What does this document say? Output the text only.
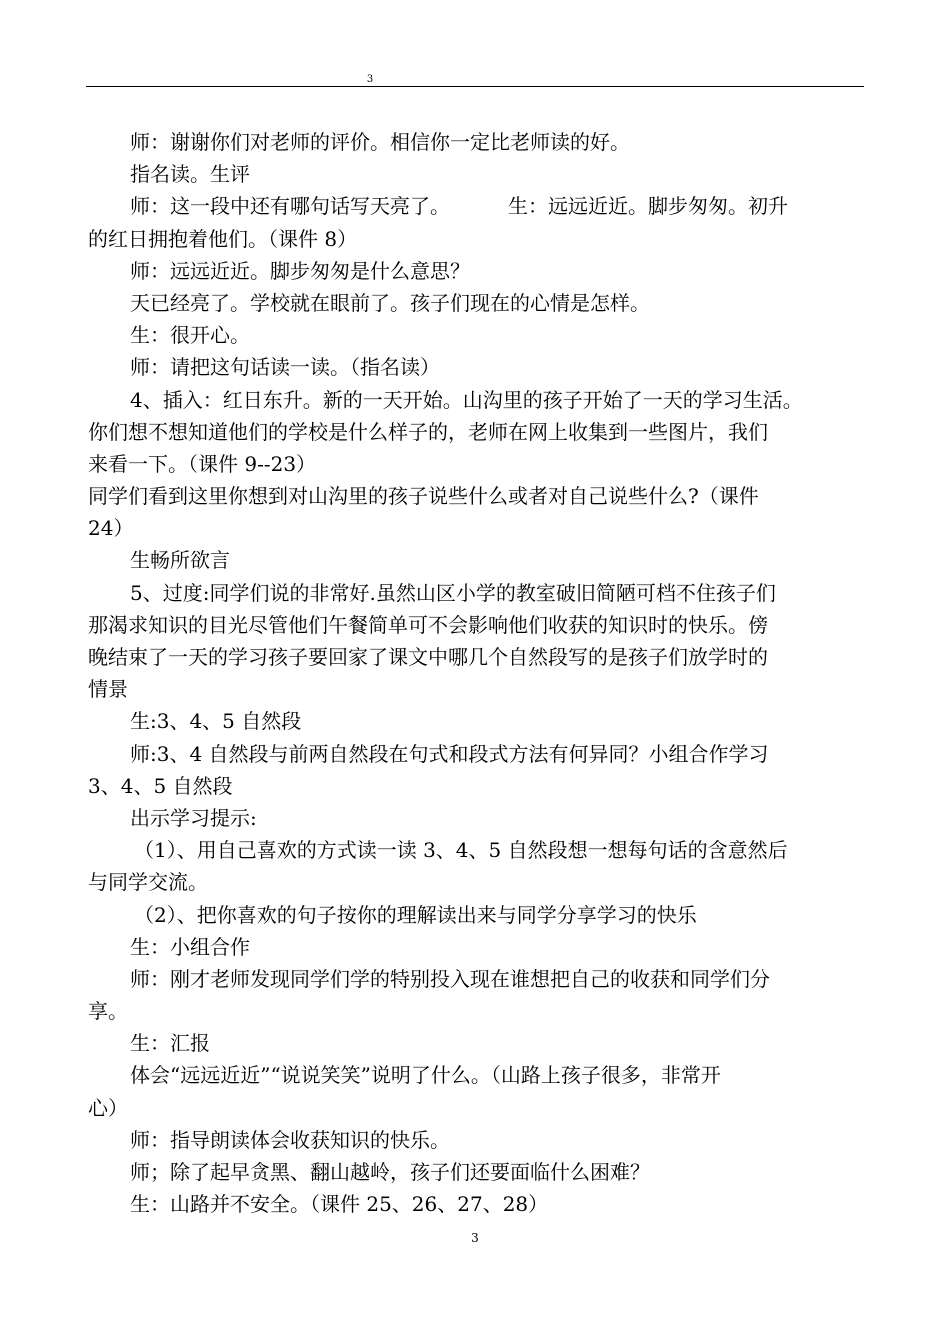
3
师：谢谢你们对老师的评价。相信你一定比老师读的好。
指名读。生评
师：这一段中还有哪句话写天亮了。	生：远远近近。脚步匆匆。初升
的红日拥抱着他们。（课件 8）
师：远远近近。脚步匆匆是什么意思？
天已经亮了。学校就在眼前了。孩子们现在的心情是怎样。
生：很开心。
师：请把这句话读一读。（指名读）
4、插入：红日东升。新的一天开始。山沟里的孩子开始了一天的学习生活。
你们想不想知道他们的学校是什么样子的，老师在网上收集到一些图片，我们
来看一下。（课件 9--23）
同学们看到这里你想到对山沟里的孩子说些什么或者对自己说些什么?（课件
24）
生畅所欲言
5、过度:同学们说的非常好.虽然山区小学的教室破旧简陋可档不住孩子们
那渴求知识的目光尽管他们午餐简单可不会影响他们收获的知识时的快乐。傍
晚结束了一天的学习孩子要回家了课文中哪几个自然段写的是孩子们放学时的
情景
生:3、4、5 自然段
师:3、4 自然段与前两自然段在句式和段式方法有何异同？小组合作学习
3、4、5 自然段
出示学习提示:
（1）、用自己喜欢的方式读一读 3、4、5 自然段想一想每句话的含意然后
与同学交流。
（2）、把你喜欢的句子按你的理解读出来与同学分享学习的快乐
生：小组合作
师：刚才老师发现同学们学的特别投入现在谁想把自己的收获和同学们分
享。
生：汇报
体会“远远近近”“说说笑笑”说明了什么。（山路上孩子很多，非常开
心）
师：指导朗读体会收获知识的快乐。
师；除了起早贪黑、翻山越岭，孩子们还要面临什么困难？
生：山路并不安全。（课件 25、26、27、28）
3
